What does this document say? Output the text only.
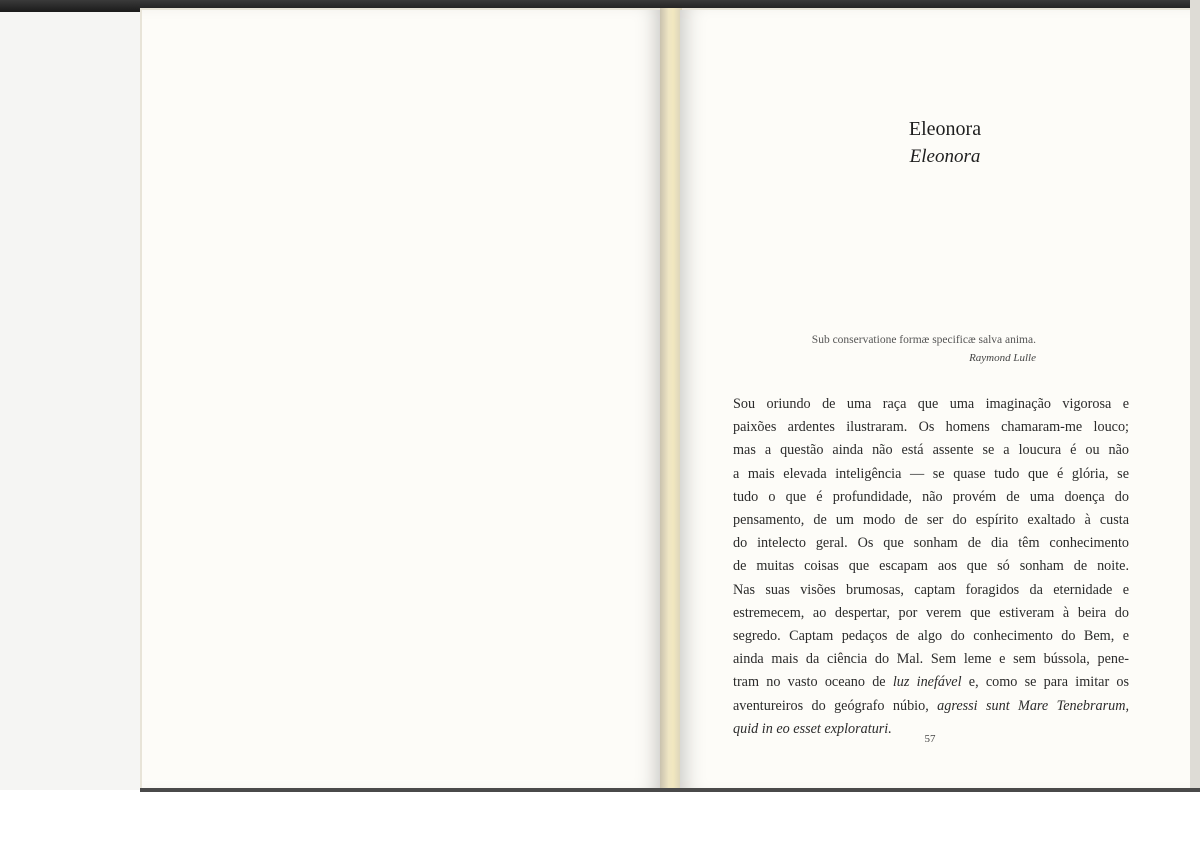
Eleonora
Eleonora
Sub conservatione formæ specificæ salva anima.
Raymond Lulle
Sou oriundo de uma raça que uma imaginação vigorosa e
paixões ardentes ilustraram. Os homens chamaram-me louco;
mas a questão ainda não está assente se a loucura é ou não
a mais elevada inteligência — se quase tudo que é glória, se
tudo o que é profundidade, não provém de uma doença do
pensamento, de um modo de ser do espírito exaltado à custa
do intelecto geral. Os que sonham de dia têm conhecimento
de muitas coisas que escapam aos que só sonham de noite.
Nas suas visões brumosas, captam foragidos da eternidade e
estremecem, ao despertar, por verem que estiveram à beira do
segredo. Captam pedaços de algo do conhecimento do Bem, e
ainda mais da ciência do Mal. Sem leme e sem bússola, pene-
tram no vasto oceano de luz inefável e, como se para imitar os
aventureiros do geógrafo núbio, agressi sunt Mare Tenebrarum,
quid in eo esset exploraturi.
57
